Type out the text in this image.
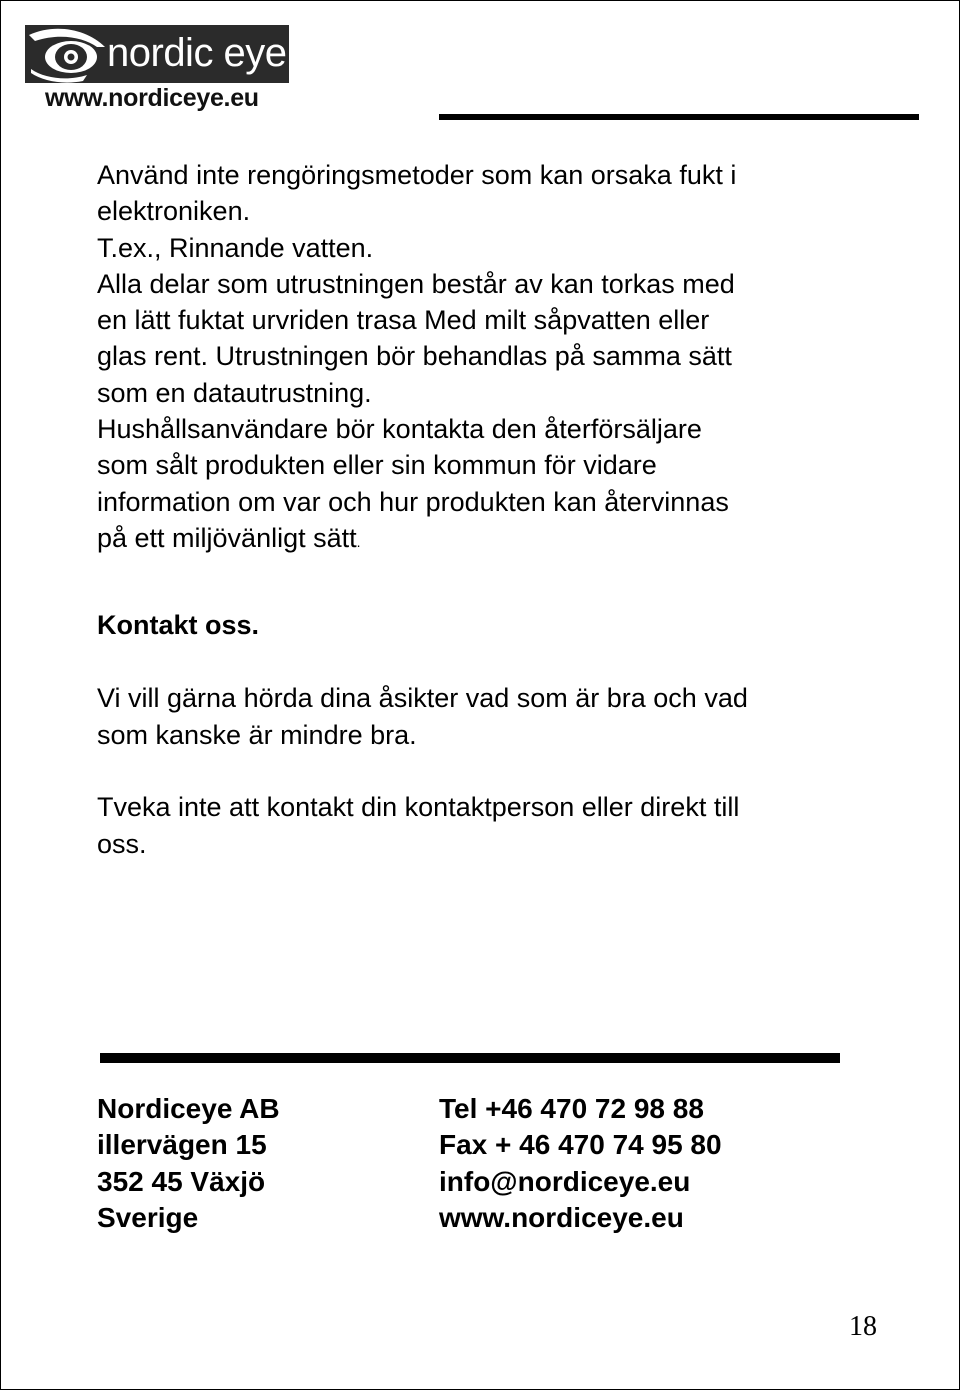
nordic eye
www.nordiceye.eu

Använd inte rengöringsmetoder som kan orsaka fukt i

elektroniken.

T.ex., Rinnande vatten.

Alla delar som utrustningen består av kan torkas med

en lätt fuktat urvriden trasa Med milt såpvatten eller

glas rent. Utrustningen bör behandlas på samma sätt

som en datautrustning.

Hushållsanvändare bör kontakta den återförsäljare

som sålt produkten eller sin kommun för vidare

information om var och hur produkten kan återvinnas

på ett miljövänligt sätt.

Kontakt oss.
Vi vill gärna hörda dina åsikter vad som är bra och vad
som kanske är mindre bra.
Tveka inte att kontakt din kontaktperson eller direkt till
oss.
Nordiceye AB
illervägen 15
352 45 Växjö
Sverige
Tel +46 470 72 98 88
Fax + 46 470 74 95 80
info@nordiceye.eu
www.nordiceye.eu
18
